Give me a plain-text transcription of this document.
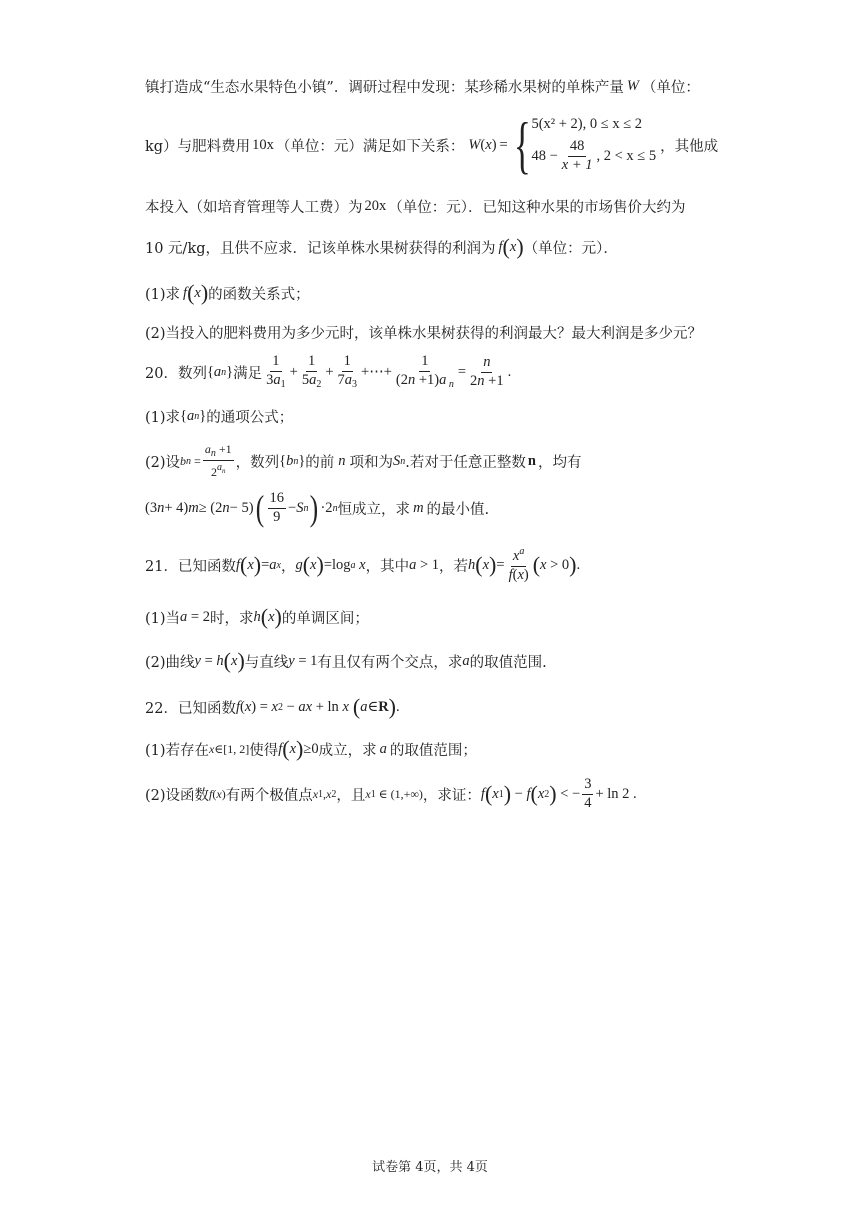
镇打造成“生态水果特色小镇”．调研过程中发现：某珍稀水果树的单株产量 W （单位：
kg）与肥料费用 10x （单位：元）满足如下关系： W ( x ) = { 5(x² + 2), 0 ≤ x ≤ 2
$48 - \frac{48}{x + 1}$ , 2 < x ≤ 5
，其他成
本投入（如培育管理等人工费）为 20x （单位：元）．已知这种水果的市场售价大约为
10 元/kg，且供不应求．记该单株水果树获得的利润为 f ( x ) （单位：元）．
(1)求 f ( x ) 的函数关系式；
(2)当投入的肥料费用为多少元时，该单株水果树获得的利润最大？最大利润是多少元？
20．数列 { a n } 满足 $\frac{1}{3a_1} + \frac{1}{5a_2} + \frac{1}{7a_3}$ +⋯+ $\frac{1}{(2n +1)a _n} = \frac{n}{2n +1}$ .
(1)求 { a n } 的通项公式；
(2)设 b $n = \frac{a_n +1}{2^{a_n}}$ ，数列 { b n } 的前 n 项和为 S n .若对于任意正整数 n ，均有
(3 n + 4) m ≥ (2 n − 5) ( $\frac{16}{9} - S$ n ) ·2 n 恒成立，求 m 的最小值.
21．已知函数 f ( x ) = a x ， g ( x ) =log a x ，其中 a > 1 ，若 h ( x ) = $\frac{x^a}{f(x)}$ ( x > 0 ) .
(1)当 a = 2 时，求 h ( x ) 的单调区间；
(2)曲线 y = h ( x ) 与直线 y = 1 有且仅有两个交点，求 a 的取值范围.
22．已知函数 f ( x ) = x 2 − ax + ln x ( a ∈ R ) .
(1)若存在 x ∈[1, 2] 使得 f ( x ) ≥0 成立，求 a 的取值范围；
(2)设函数 f ( x ) 有两个极值点 x 1 , x 2 ，且 x 1 ∈ (1,+∞) ，求证： f ( x 1 ) − f ( x 2 ) < − $\frac{3}{4} + \ln 2$ .
试卷第 4页，共 4页
